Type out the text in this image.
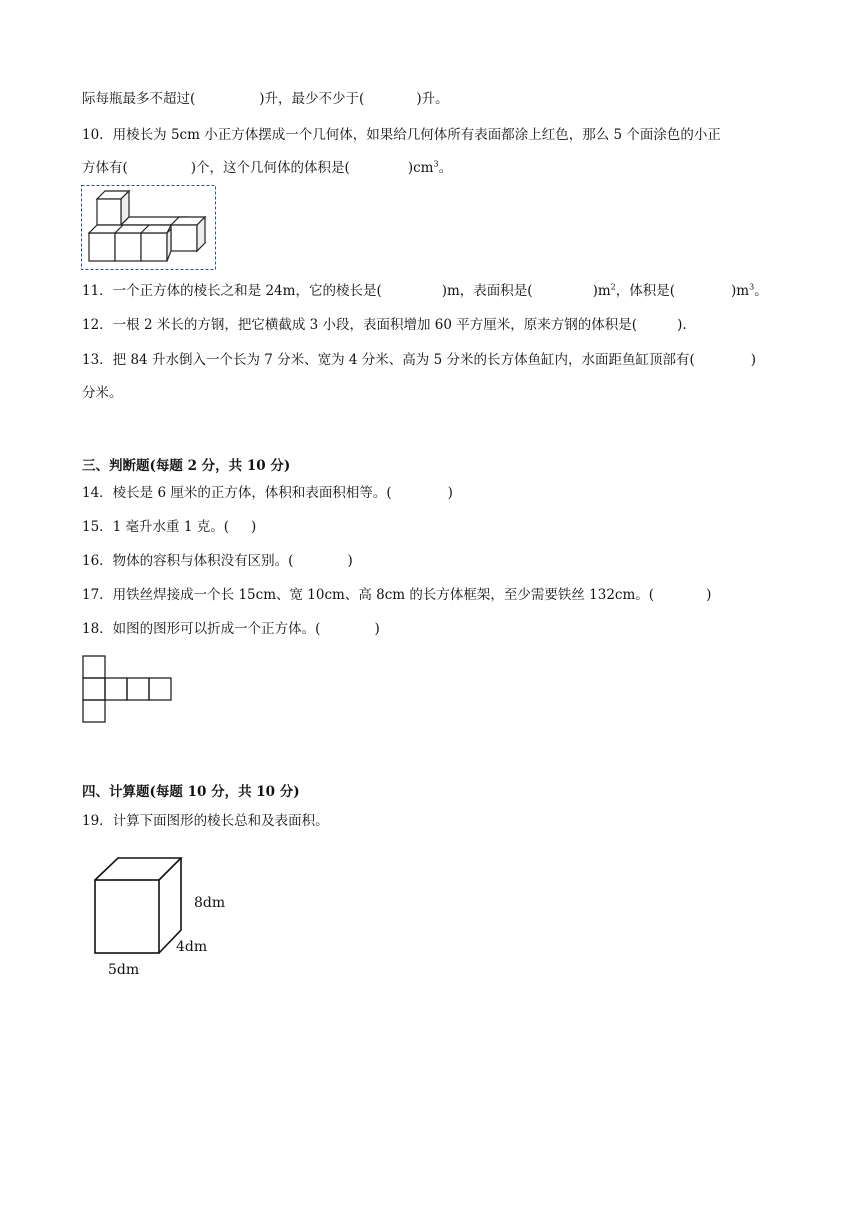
际每瓶最多不超过(	)升，最少不少于(	)升。
10．用棱长为 5cm 小正方体摆成一个几何体，如果给几何体所有表面都涂上红色，那么 5 个面涂色的小正
方体有(	)个，这个几何体的体积是(	)$cm^3$。
11．一个正方体的棱长之和是 24m，它的棱长是(	)m，表面积是(	)$m^2$，体积是(	)$m^3$。
12．一根 2 米长的方钢，把它横截成 3 小段，表面积增加 60 平方厘米，原来方钢的体积是(	).
13．把 84 升水倒入一个长为 7 分米、宽为 4 分米、高为 5 分米的长方体鱼缸内，水面距鱼缸顶部有(	)
分米。
三、判断题(每题 2 分，共 10 分)
14．棱长是 6 厘米的正方体，体积和表面积相等。(	)
15．1 毫升水重 1 克。( )
16．物体的容积与体积没有区别。(	)
17．用铁丝焊接成一个长 15cm、宽 10cm、高 8cm 的长方体框架，至少需要铁丝 132cm。(	)
18．如图的图形可以折成一个正方体。(	)
四、计算题(每题 10 分，共 10 分)
19．计算下面图形的棱长总和及表面积。
8dm
4dm
5dm
